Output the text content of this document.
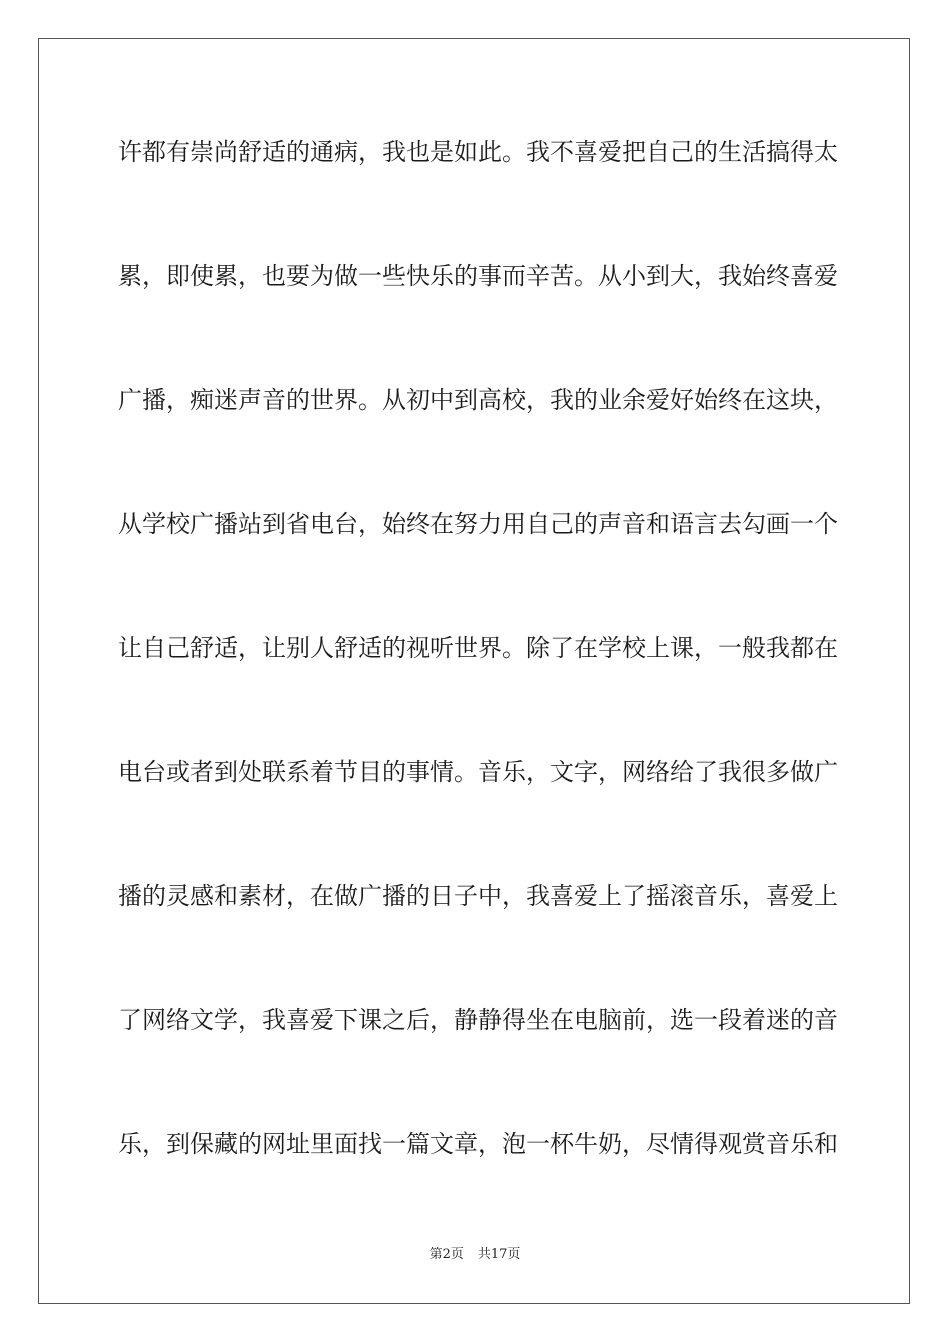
许都有崇尚舒适的通病，我也是如此。我不喜爱把自己的生活搞得太
累，即使累，也要为做一些快乐的事而辛苦。从小到大，我始终喜爱
广播，痴迷声音的世界。从初中到高校，我的业余爱好始终在这块，
从学校广播站到省电台，始终在努力用自己的声音和语言去勾画一个
让自己舒适，让别人舒适的视听世界。除了在学校上课，一般我都在
电台或者到处联系着节目的事情。音乐，文字，网络给了我很多做广
播的灵感和素材，在做广播的日子中，我喜爱上了摇滚音乐，喜爱上
了网络文学，我喜爱下课之后，静静得坐在电脑前，选一段着迷的音
乐，到保藏的网址里面找一篇文章，泡一杯牛奶，尽情得观赏音乐和
第2页 共17页
